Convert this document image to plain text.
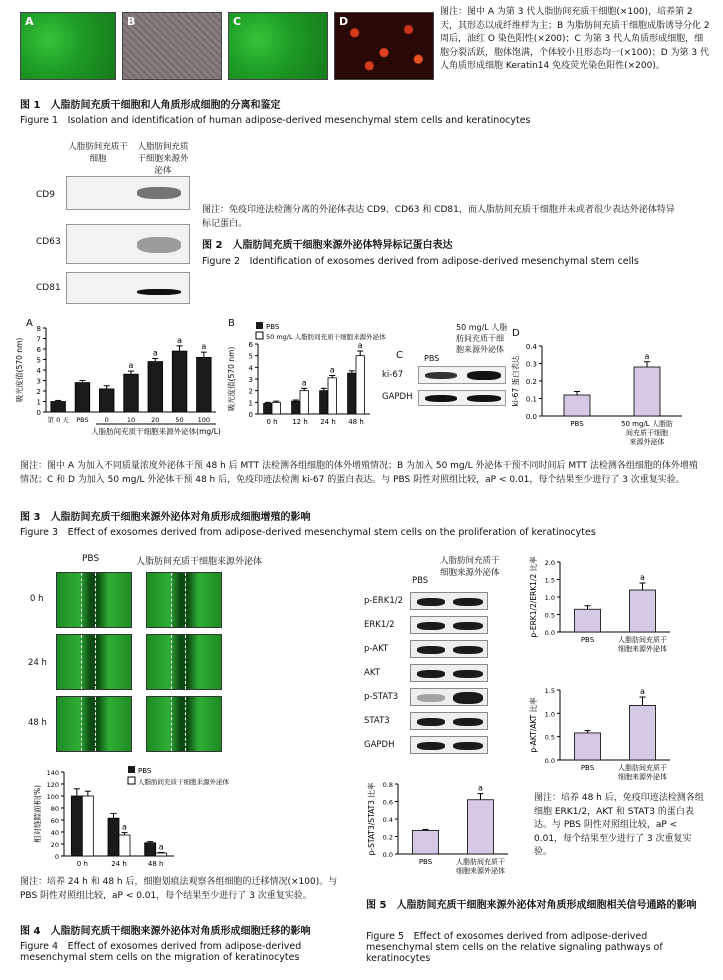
A	B	C	D
图注：图中 A 为第 3 代人脂肪间充质干细胞(×100)，培养第 2 天，其形态以成纤维样为主；B 为脂肪间充质干细胞成脂诱导分化 2 周后，油红 O 染色阳性(×200)；C 为第 3 代人角质形成细胞，细胞分裂活跃，胞体饱满，个体较小且形态均一(×100)；D 为第 3 代人角质形成细胞 Keratin14 免疫荧光染色阳性(×200)。
图 1　人脂肪间充质干细胞和人角质形成细胞的分离和鉴定
Figure 1　Isolation and identification of human adipose-derived mesenchymal stem cells and keratinocytes
人脂肪间充质干细胞
人脂肪间充质干细胞来源外泌体
CD9
CD63
CD81
图注：免疫印迹法检测分离的外泌体表达 CD9、CD63 和 CD81，而人脂肪间充质干细胞并未或者很少表达外泌体特异标记蛋白。
图 2　人脂肪间充质干细胞来源外泌体特异标记蛋白表达
Figure 2　Identification of exosomes derived from adipose-derived mesenchymal stem cells
A
0
1
2
3
4
5
6
7
8
吸光度值(570 nm)
第 0 天 PBS 0
a
10
a
20
a
50
a
100
人脂肪间充质干细胞来源外泌体(mg/L)
B
0
1
2
3
4
5
6
吸光度值(570 nm)
0 h
a
12 h
a
24 h
a
48 h
PBS
50 mg/L 人脂肪间充质干细胞来源外泌体
C	PBS
50 mg/L 人脂肪间充质干细胞来源外泌体
ki-67
GAPDH
D
0.0
0.1
0.2
0.3
0.4
ki-67 蛋白表达
PBS
a
50 mg/L 人脂肪
间充质干细胞
来源外泌体
图注：图中 A 为加入不同质量浓度外泌体干预 48 h 后 MTT 法检测各组细胞的体外增殖情况；B 为加入 50 mg/L 外泌体干预不同时间后 MTT 法检测各组细胞的体外增殖情况；C 和 D 为加入 50 mg/L 外泌体干预 48 h 后，免疫印迹法检测 ki-67 的蛋白表达。与 PBS 阴性对照组比较，aP < 0.01，每个结果至少进行了 3 次重复实验。
图 3　人脂肪间充质干细胞来源外泌体对角质形成细胞增殖的影响
Figure 3　Effect of exosomes derived from adipose-derived mesenchymal stem cells on the proliferation of keratinocytes
PBS	人脂肪间充质干细胞来源外泌体
0 h
24 h
48 h
0
20
40
60
80
100
120
140
相对缝隙面积(%)
0 h
a
24 h
a
48 h
PBS
人脂肪间充质干细胞来源外泌体
图注：培养 24 h 和 48 h 后，细胞划痕法观察各组细胞的迁移情况(×100)。与 PBS 阴性对照组比较，aP < 0.01，每个结果至少进行了 3 次重复实验。
图 4　人脂肪间充质干细胞来源外泌体对角质形成细胞迁移的影响
Figure 4　Effect of exosomes derived from adipose-derived mesenchymal stem cells on the migration of keratinocytes
PBS
人脂肪间充质干细胞来源外泌体
0.0
0.5
1.0
1.5
2.0
p-ERK1/2/ERK1/2 比率
PBS
a
人脂肪间充质干
细胞来源外泌体
0.0
0.5
1.0
1.5
p-AKT/AKT 比率
PBS
a
人脂肪间充质干
细胞来源外泌体
0.0
0.2
0.4
0.6
0.8
p-STAT3/STAT3 比率
PBS
a
人脂肪间充质干
细胞来源外泌体
图注：培养 48 h 后，免疫印迹法检测各组细胞 ERK1/2，AKT 和 STAT3 的蛋白表达。与 PBS 阴性对照组比较，aP < 0.01，每个结果至少进行了 3 次重复实验。
图 5　人脂肪间充质干细胞来源外泌体对角质形成细胞相关信号通路的影响
Figure 5　Effect of exosomes derived from adipose-derived mesenchymal stem cells on the relative signaling pathways of keratinocytes
p-ERK1/2
ERK1/2
p-AKT
AKT
p-STAT3
STAT3
GAPDH
